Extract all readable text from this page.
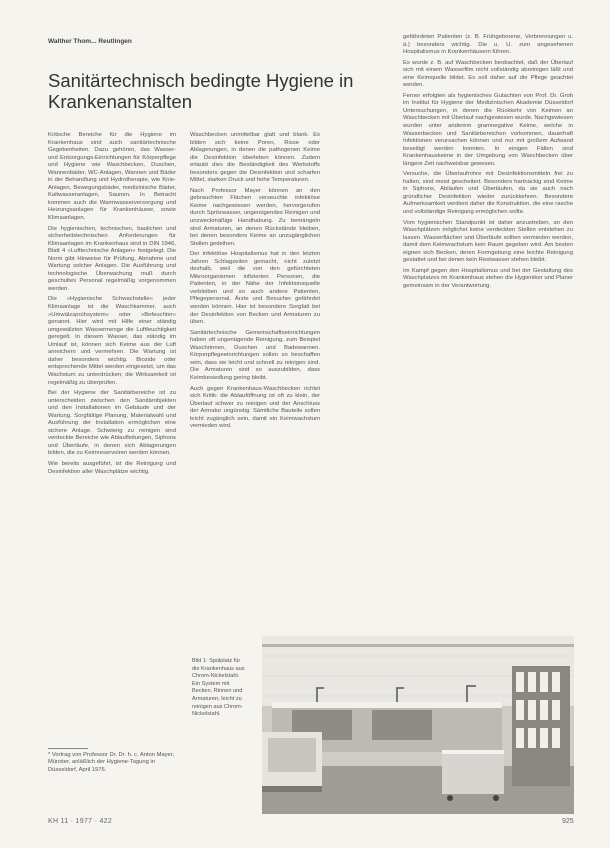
Walther Thom... Reutlingen
Sanitärtechnisch bedingte Hygiene in Krankenanstalten

Kritische Bereiche für die Hygiene im Krankenhaus sind auch sanitärtechnische Gegebenheiten. Dazu gehören, das Wasser- und Entsorgungs-Einrichtungen für Körperpflege und Hygiene wie Waschbecken, Duschen, Wannenbäder, WC-Anlagen, Wannen und Bäder in der Behandlung und Hydrotherapie, wie Knie-Anlagen, Bewegungsbäder, medizinische Bäder, Kaltwasseranlagen, Saunen. In Betracht kommen auch die Warmwasserversorgung und Heizungsanlagen für Krankenhäuser, sowie Klimaanlagen.

Die hygienischen, technischen, baulichen und sicherheitstechnischen Anforderungen für Klimaanlagen im Krankenhaus sind in DIN 1946, Blatt 4 »Lufttechnische Anlagen« festgelegt. Die Norm gibt Hinweise für Prüfung, Abnahme und Wartung solcher Anlagen. Die Ausführung und technologische Überwachung muß durch geschultes Personal regelmäßig vorgenommen werden.

Die »Hygienische Schwachstelle« jeder Klimaanlage ist die Waschkammer, auch »Umwälzsprühsystem« oder »Befeuchter« genannt. Hier wird mit Hilfe einer ständig umgewälzten Wassermenge die Luftfeuchtigkeit geregelt. In diesem Wasser, das ständig im Umlauf ist, können sich Keime aus der Luft anreichern und vermehren. Die Wartung ist daher besonders wichtig. Biozide oder entsprechende Mittel werden eingesetzt, um das Wachstum zu unterdrücken; die Wirksamkeit ist regelmäßig zu überprüfen.

Bei der Hygiene der Sanitärbereiche ist zu unterscheiden zwischen den Sanitärobjekten und den Installationen im Gebäude und der Wartung. Sorgfältige Planung, Materialwahl und Ausführung der Installation ermöglichen eine sichere Anlage. Schwierig zu reinigen sind verdeckte Bereiche wie Ablaufleitungen, Siphons und Überläufe, in denen sich Ablagerungen bilden, die zu Keimreservoiren werden können.

Wie bereits ausgeführt, ist die Reinigung und Desinfektion aller Waschplätze wichtig.

Waschbecken unmittelbar glatt und blank. Es bilden sich keine Poren, Risse oder Ablagerungen, in denen die pathogenen Keime die Desinfektion überleben können. Zudem erlaubt dies die Beständigkeit des Werkstoffs besonders gegen die Desinfektion und scharfen Mittel, starken Druck und hohe Temperaturen.

Nach Professor Mayer können an den gebrauchten Flächen verseuchte infektiöse Keime nachgewiesen werden, hervorgerufen durch Spritzwasser, ungenügendes Reinigen und unzweckmäßige Handhabung. Zu bemängeln sind Armaturen, an denen Rückstände bleiben, bei denen besonders Keime an unzugänglichen Stellen gedeihen.

Der infektiöse Hospitalismus hat in den letzten Jahren Schlagzeilen gemacht, nicht zuletzt deshalb, weil die von den gefürchteten Mikroorganismen infizierten Personen, die Patienten, in der Nähe der Infektionsquelle verbleiben und so auch andere Patienten, Pflegepersonal, Ärzte und Besucher gefährdet werden können. Hier ist besondere Sorgfalt bei der Desinfektion von Becken und Armaturen zu üben.

Sanitärtechnische Gemeinschaftseinrichtungen haben oft ungenügende Reinigung, zum Beispiel Waschrinnen, Duschen und Badewannen. Körperpflegeeinrichtungen sollen so beschaffen sein, dass sie leicht und schnell zu reinigen sind. Die Armaturen sind so auszubilden, dass Keimbesiedlung gering bleibt.

Auch gegen Krankenhaus-Waschbecken richtet sich Kritik: die Ablauföffnung ist oft zu klein, der Überlauf schwer zu reinigen und der Anschluss der Armatur ungünstig. Sämtliche Bauteile sollen leicht zugänglich sein, damit ein Keimwachstum vermieden wird.

gefährdeten Patienten (z. B. Frühgeborene, Verbrennungen u. ä.) besonders wichtig. Die u. U. zum angesehenen Hospitalismus in Krankenhäusern führen.

Es wurde z. B. auf Waschbecken beobachtet, daß der Überlauf sich mit einem Wasserfilm nicht vollständig abreinigen läßt und eine Keimquelle bildet. Es soll daher auf die Pflege geachtet werden.

Ferner erfolgten als hygienisches Gutachten von Prof. Dr. Groh im Institut für Hygiene der Medizinischen Akademie Düsseldorf Untersuchungen, in denen die Rückkehr von Keimen an Waschbecken mit Überlauf nachgewiesen wurde. Nachgewiesen wurden unter anderem gramnegative Keime, welche in Wasserbecken und Sanitärbereichen vorkommen, dauerhaft Infektionen verursachen können und nur mit großem Aufwand beseitigt werden konnten. In einigen Fällen sind Krankenhauskeime in der Umgebung von Waschbecken über längere Zeit nachweisbar gewesen.

Versuche, die Überlaufrohre mit Desinfektionsmitteln frei zu halten, sind meist gescheitert. Besonders hartnäckig sind Keime in Siphons, Abläufen und Überläufen, da sie auch nach gründlicher Desinfektion wieder zurückkehren. Besondere Aufmerksamkeit verdient daher die Konstruktion, die eine rasche und vollständige Reinigung ermöglichen sollte.

Vom hygienischen Standpunkt ist daher anzustreben, an den Waschplätzen möglichst keine verdeckten Stellen entstehen zu lassen. Wasserflächen und Überläufe sollten vermieden werden, damit dem Keimwachstum kein Raum gegeben wird. Am besten eignen sich Becken, deren Formgebung eine leichte Reinigung gestattet und bei denen kein Restwasser stehen bleibt.

Im Kampf gegen den Hospitalismus und bei der Gestaltung des Waschplatzes im Krankenhaus stehen die Hygieniker und Planer gemeinsam in der Verantwortung.

* Vortrag von Professor Dr. Dr. h. c. Anton Mayer, Münster, anläßlich der Hygiene-Tagung in Düsseldorf, April 1976.
Bild 1: Spülplatz für die Krankenhaus aus Chrom-Nickelstahl. Ein System mit Becken, Rinnen und Armaturen, leicht zu reinigen aus Chrom-Nickelstahl.
KH 11 · 1977 · 422	925
